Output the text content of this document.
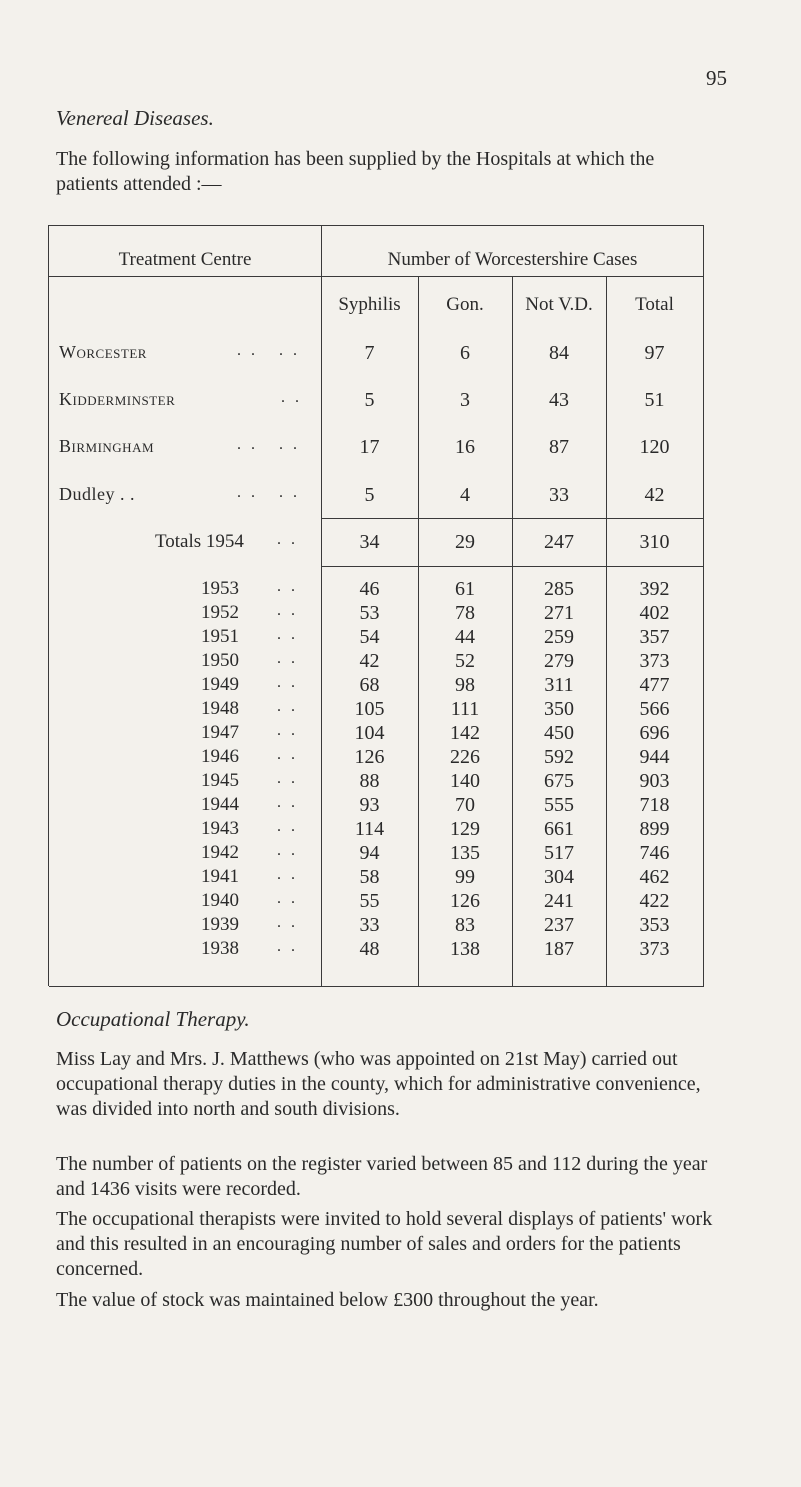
95
Venereal Diseases.
The following information has been supplied by the Hospitals at which the patients attended :—
Treatment Centre	Number of Worcestershire Cases
Syphilis	Gon.	Not V.D.	Total
Worcester	. .   . .	7	6	84	97
Kidderminster	. .	5	3	43	51
Birmingham	. .   . .	17	16	87	120
Dudley . .	. .   . .	5	4	33	42
Totals 1954 . .	34	29	247	310
1953 . .	46	61	285	392
1952 . .	53	78	271	402
1951 . .	54	44	259	357
1950 . .	42	52	279	373
1949 . .	68	98	311	477
1948 . .	105	111	350	566
1947 . .	104	142	450	696
1946 . .	126	226	592	944
1945 . .	88	140	675	903
1944 . .	93	70	555	718
1943 . .	114	129	661	899
1942 . .	94	135	517	746
1941 . .	58	99	304	462
1940 . .	55	126	241	422
1939 . .	33	83	237	353
1938 . .	48	138	187	373
Occupational Therapy.
Miss Lay and Mrs. J. Matthews (who was appointed on 21st May) carried out occupational therapy duties in the county, which for administrative convenience, was divided into north and south divisions.
The number of patients on the register varied between 85 and 112 during the year and 1436 visits were recorded.
The occupational therapists were invited to hold several displays of patients' work and this resulted in an encouraging number of sales and orders for the patients concerned.
The value of stock was maintained below £300 throughout the year.
